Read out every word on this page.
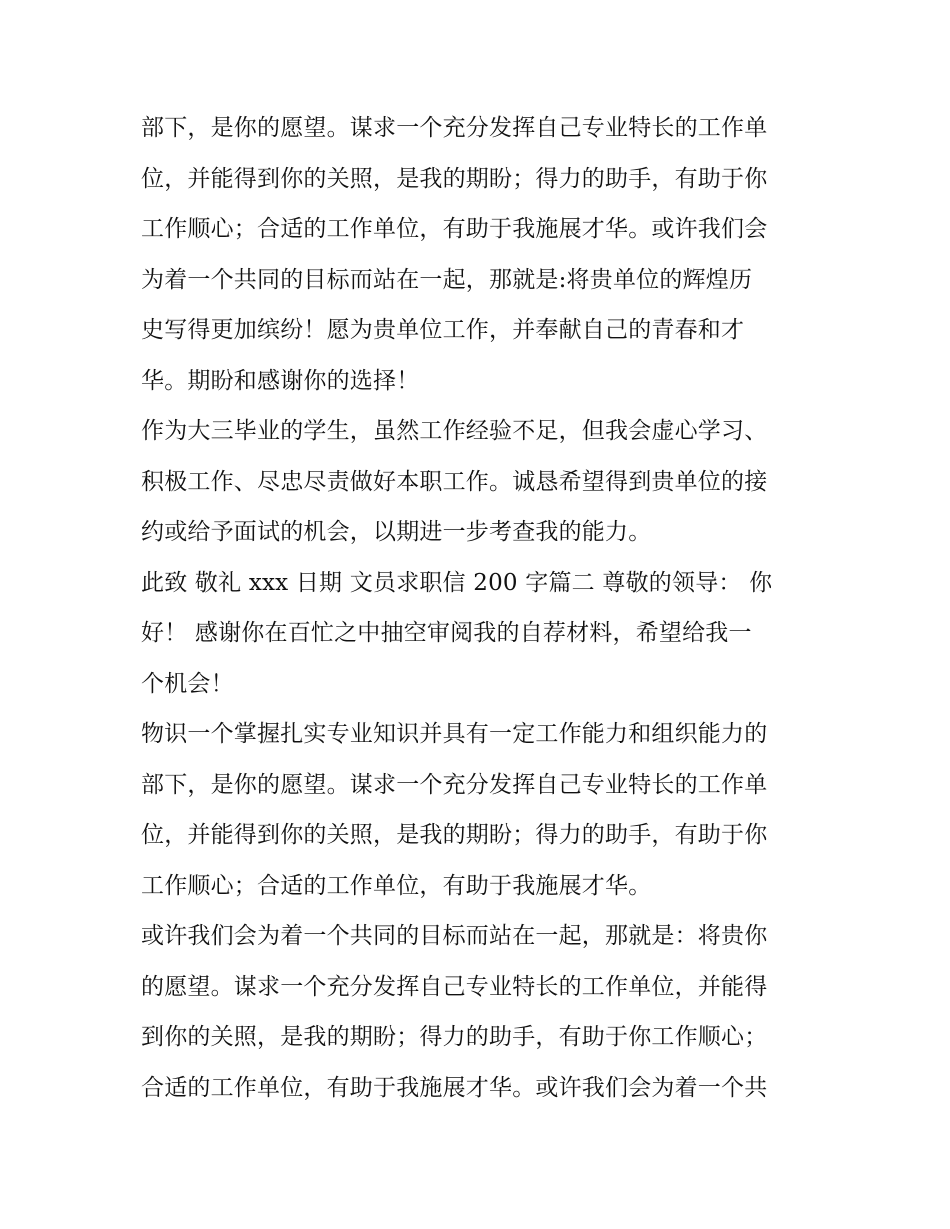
部下，是你的愿望。谋求一个充分发挥自己专业特长的工作单
位，并能得到你的关照，是我的期盼；得力的助手，有助于你
工作顺心；合适的工作单位，有助于我施展才华。或许我们会
为着一个共同的目标而站在一起，那就是:将贵单位的辉煌历
史写得更加缤纷！愿为贵单位工作，并奉献自己的青春和才
华。期盼和感谢你的选择！
作为大三毕业的学生，虽然工作经验不足，但我会虚心学习、
积极工作、尽忠尽责做好本职工作。诚恳希望得到贵单位的接
约或给予面试的机会，以期进一步考查我的能力。
此致 敬礼 xxx 日期 文员求职信 200 字篇二 尊敬的领导： 你
好！ 感谢你在百忙之中抽空审阅我的自荐材料，希望给我一
个机会！
物识一个掌握扎实专业知识并具有一定工作能力和组织能力的
部下，是你的愿望。谋求一个充分发挥自己专业特长的工作单
位，并能得到你的关照，是我的期盼；得力的助手，有助于你
工作顺心；合适的工作单位，有助于我施展才华。
或许我们会为着一个共同的目标而站在一起，那就是：将贵你
的愿望。谋求一个充分发挥自己专业特长的工作单位，并能得
到你的关照，是我的期盼；得力的助手，有助于你工作顺心；
合适的工作单位，有助于我施展才华。或许我们会为着一个共
